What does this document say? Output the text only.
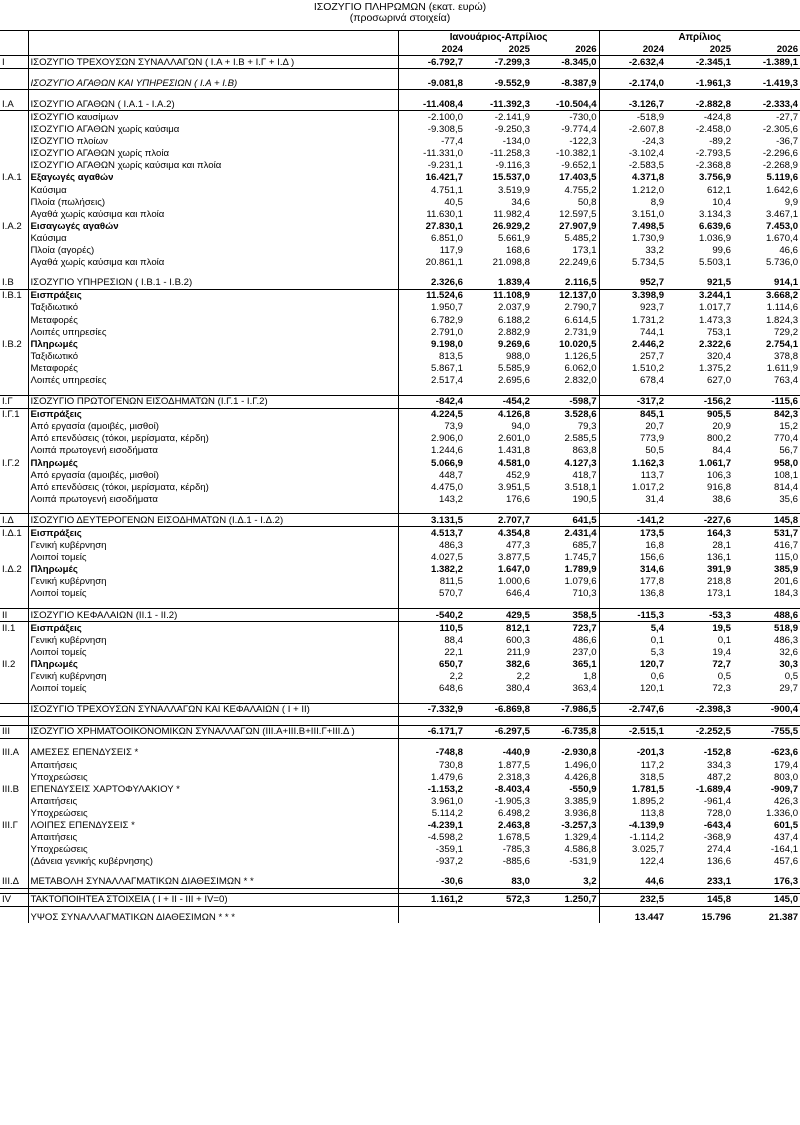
ΙΣΟΖΥΓΙΟ ΠΛΗΡΩΜΩΝ (εκατ. ευρώ)
(προσωρινά στοιχεία)
		Ιανουάριος-Απρίλιος			Απρίλιος		
		2024	2025	2026	2024	2025	2026
I	ΙΣΟΖΥΓΙΟ ΤΡΕΧΟΥΣΩΝ ΣΥΝΑΛΛΑΓΩΝ ( Ι.Α + Ι.Β + Ι.Γ + Ι.Δ )	-6.792,7	-7.299,3	-8.345,0	-2.632,4	-2.345,1	-1.389,1

	ΙΣΟΖΥΓΙΟ ΑΓΑΘΩΝ ΚΑΙ ΥΠΗΡΕΣΙΩΝ ( Ι.Α + Ι.Β)	-9.081,8	-9.552,9	-8.387,9	-2.174,0	-1.961,3	-1.419,3

I.A	ΙΣΟΖΥΓΙΟ ΑΓΑΘΩΝ ( Ι.Α.1 - Ι.Α.2)	-11.408,4	-11.392,3	-10.504,4	-3.126,7	-2.882,8	-2.333,4
	ΙΣΟΖΥΓΙΟ καυσίμων	-2.100,0	-2.141,9	-730,0	-518,9	-424,8	-27,7
	ΙΣΟΖΥΓΙΟ ΑΓΑΘΩΝ χωρίς καύσιμα	-9.308,5	-9.250,3	-9.774,4	-2.607,8	-2.458,0	-2.305,6
	ΙΣΟΖΥΓΙΟ πλοίων	-77,4	-134,0	-122,3	-24,3	-89,2	-36,7
	ΙΣΟΖΥΓΙΟ ΑΓΑΘΩΝ χωρίς πλοία	-11.331,0	-11.258,3	-10.382,1	-3.102,4	-2.793,5	-2.296,6
	ΙΣΟΖΥΓΙΟ ΑΓΑΘΩΝ χωρίς καύσιμα και πλοία	-9.231,1	-9.116,3	-9.652,1	-2.583,5	-2.368,8	-2.268,9
I.A.1	Εξαγωγές αγαθών	16.421,7	15.537,0	17.403,5	4.371,8	3.756,9	5.119,6
	Καύσιμα	4.751,1	3.519,9	4.755,2	1.212,0	612,1	1.642,6
	Πλοία (πωλήσεις)	40,5	34,6	50,8	8,9	10,4	9,9
	Αγαθά χωρίς καύσιμα και πλοία	11.630,1	11.982,4	12.597,5	3.151,0	3.134,3	3.467,1
I.A.2	Εισαγωγές αγαθών	27.830,1	26.929,2	27.907,9	7.498,5	6.639,6	7.453,0
	Καύσιμα	6.851,0	5.661,9	5.485,2	1.730,9	1.036,9	1.670,4
	Πλοία (αγορές)	117,9	168,6	173,1	33,2	99,6	46,6
	Αγαθά χωρίς καύσιμα και πλοία	20.861,1	21.098,8	22.249,6	5.734,5	5.503,1	5.736,0

I.B	ΙΣΟΖΥΓΙΟ ΥΠΗΡΕΣΙΩΝ ( Ι.Β.1 - Ι.Β.2)	2.326,6	1.839,4	2.116,5	952,7	921,5	914,1
I.B.1	Εισπράξεις	11.524,6	11.108,9	12.137,0	3.398,9	3.244,1	3.668,2
	Ταξιδιωτικό	1.950,7	2.037,9	2.790,7	923,7	1.017,7	1.114,6
	Μεταφορές	6.782,9	6.188,2	6.614,5	1.731,2	1.473,3	1.824,3
	Λοιπές υπηρεσίες	2.791,0	2.882,9	2.731,9	744,1	753,1	729,2
I.B.2	Πληρωμές	9.198,0	9.269,6	10.020,5	2.446,2	2.322,6	2.754,1
	Ταξιδιωτικό	813,5	988,0	1.126,5	257,7	320,4	378,8
	Μεταφορές	5.867,1	5.585,9	6.062,0	1.510,2	1.375,2	1.611,9
	Λοιπές υπηρεσίες	2.517,4	2.695,6	2.832,0	678,4	627,0	763,4

I.Γ	ΙΣΟΖΥΓΙΟ ΠΡΩΤΟΓΕΝΩΝ ΕΙΣΟΔΗΜΑΤΩΝ (Ι.Γ.1 - Ι.Γ.2)	-842,4	-454,2	-598,7	-317,2	-156,2	-115,6
I.Γ.1	Εισπράξεις	4.224,5	4.126,8	3.528,6	845,1	905,5	842,3
	Από εργασία (αμοιβές, μισθοί)	73,9	94,0	79,3	20,7	20,9	15,2
	Από επενδύσεις (τόκοι, μερίσματα, κέρδη)	2.906,0	2.601,0	2.585,5	773,9	800,2	770,4
	Λοιπά πρωτογενή εισοδήματα	1.244,6	1.431,8	863,8	50,5	84,4	56,7
I.Γ.2	Πληρωμές	5.066,9	4.581,0	4.127,3	1.162,3	1.061,7	958,0
	Από εργασία (αμοιβές, μισθοί)	448,7	452,9	418,7	113,7	106,3	108,1
	Από επενδύσεις (τόκοι, μερίσματα, κέρδη)	4.475,0	3.951,5	3.518,1	1.017,2	916,8	814,4
	Λοιπά πρωτογενή εισοδήματα	143,2	176,6	190,5	31,4	38,6	35,6

I.Δ	ΙΣΟΖΥΓΙΟ ΔΕΥΤΕΡΟΓΕΝΩΝ ΕΙΣΟΔΗΜΑΤΩΝ (Ι.Δ.1 - Ι.Δ.2)	3.131,5	2.707,7	641,5	-141,2	-227,6	145,8
I.Δ.1	Εισπράξεις	4.513,7	4.354,8	2.431,4	173,5	164,3	531,7
	Γενική κυβέρνηση	486,3	477,3	685,7	16,8	28,1	416,7
	Λοιποί τομείς	4.027,5	3.877,5	1.745,7	156,6	136,1	115,0
I.Δ.2	Πληρωμές	1.382,2	1.647,0	1.789,9	314,6	391,9	385,9
	Γενική κυβέρνηση	811,5	1.000,6	1.079,6	177,8	218,8	201,6
	Λοιποί τομείς	570,7	646,4	710,3	136,8	173,1	184,3

II	ΙΣΟΖΥΓΙΟ ΚΕΦΑΛΑΙΩΝ (ΙΙ.1 - ΙΙ.2)	-540,2	429,5	358,5	-115,3	-53,3	488,6
II.1	Εισπράξεις	110,5	812,1	723,7	5,4	19,5	518,9
	Γενική κυβέρνηση	88,4	600,3	486,6	0,1	0,1	486,3
	Λοιποί τομείς	22,1	211,9	237,0	5,3	19,4	32,6
II.2	Πληρωμές	650,7	382,6	365,1	120,7	72,7	30,3
	Γενική κυβέρνηση	2,2	2,2	1,8	0,6	0,5	0,5
	Λοιποί τομείς	648,6	380,4	363,4	120,1	72,3	29,7

	ΙΣΟΖΥΓΙΟ ΤΡΕΧΟΥΣΩΝ ΣΥΝΑΛΛΑΓΩΝ ΚΑΙ ΚΕΦΑΛΑΙΩΝ ( Ι + ΙΙ)	-7.332,9	-6.869,8	-7.986,5	-2.747,6	-2.398,3	-900,4

III	ΙΣΟΖΥΓΙΟ ΧΡΗΜΑΤΟΟΙΚΟΝΟΜΙΚΩΝ ΣΥΝΑΛΛΑΓΩΝ (ΙΙΙ.Α+ΙΙΙ.Β+ΙΙΙ.Γ+ΙΙΙ.Δ )	-6.171,7	-6.297,5	-6.735,8	-2.515,1	-2.252,5	-755,5

III.A	ΑΜΕΣΕΣ ΕΠΕΝΔΥΣΕΙΣ *	-748,8	-440,9	-2.930,8	-201,3	-152,8	-623,6
	Απαιτήσεις	730,8	1.877,5	1.496,0	117,2	334,3	179,4
	Υποχρεώσεις	1.479,6	2.318,3	4.426,8	318,5	487,2	803,0
III.B	ΕΠΕΝΔΥΣΕΙΣ ΧΑΡΤΟΦΥΛΑΚΙΟΥ *	-1.153,2	-8.403,4	-550,9	1.781,5	-1.689,4	-909,7
	Απαιτήσεις	3.961,0	-1.905,3	3.385,9	1.895,2	-961,4	426,3
	Υποχρεώσεις	5.114,2	6.498,2	3.936,8	113,8	728,0	1.336,0
III.Γ	ΛΟΙΠΕΣ ΕΠΕΝΔΥΣΕΙΣ *	-4.239,1	2.463,8	-3.257,3	-4.139,9	-643,4	601,5
	Απαιτήσεις	-4.598,2	1.678,5	1.329,4	-1.114,2	-368,9	437,4
	Υποχρεώσεις	-359,1	-785,3	4.586,8	3.025,7	274,4	-164,1
	(Δάνεια γενικής κυβέρνησης)	-937,2	-885,6	-531,9	122,4	136,6	457,6

III.Δ	ΜΕΤΑΒΟΛΗ ΣΥΝΑΛΛΑΓΜΑΤΙΚΩΝ ΔΙΑΘΕΣΙΜΩΝ * *	-30,6	83,0	3,2	44,6	233,1	176,3

IV	ΤΑΚΤΟΠΟΙΗΤΕΑ ΣΤΟΙΧΕΙΑ ( Ι + ΙΙ - ΙΙΙ + IV=0)	1.161,2	572,3	1.250,7	232,5	145,8	145,0

	ΥΨΟΣ ΣΥΝΑΛΛΑΓΜΑΤΙΚΩΝ ΔΙΑΘΕΣΙΜΩΝ * * *				13.447	15.796	21.387
